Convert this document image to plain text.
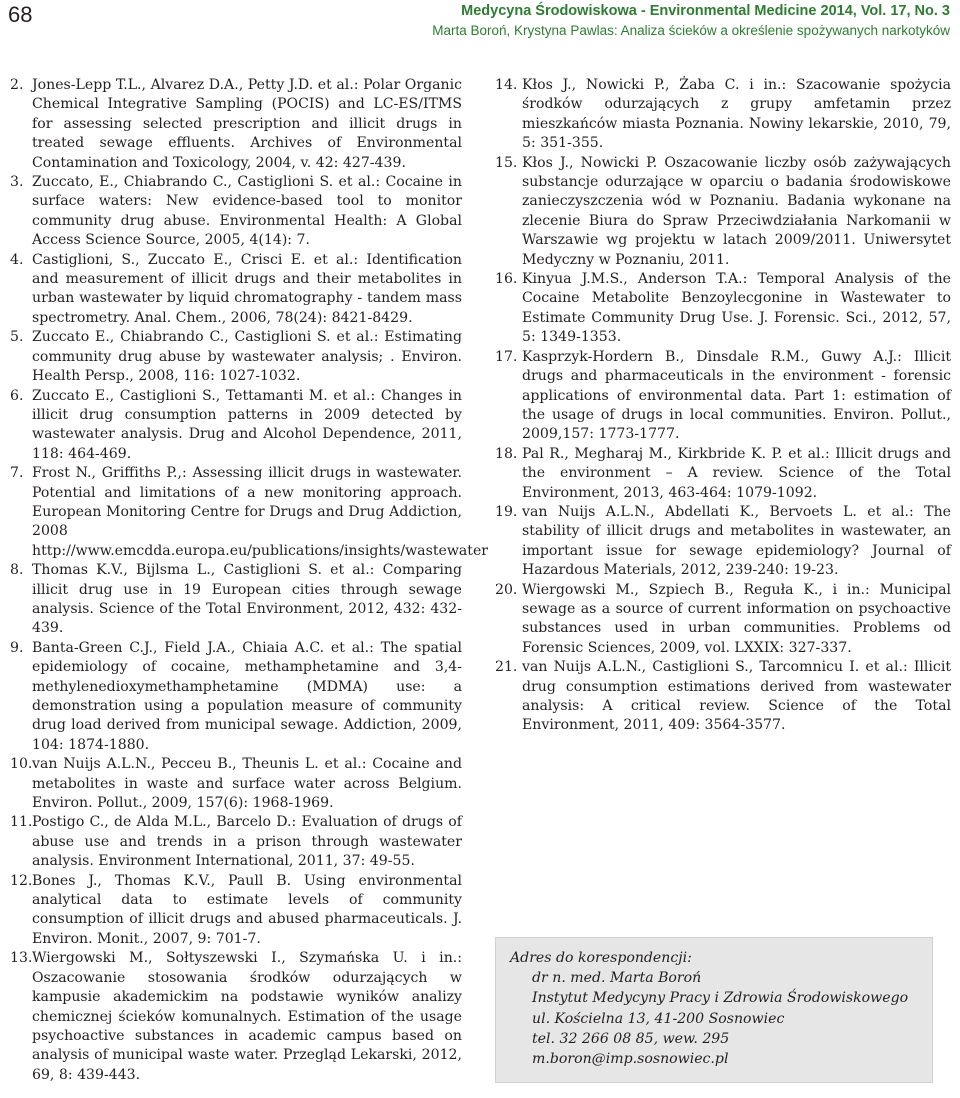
68	Medycyna Środowiskowa - Environmental Medicine 2014, Vol. 17, No. 3
Marta Boroń, Krystyna Pawlas: Analiza ścieków a określenie spożywanych narkotyków

2. Jones-Lepp T.L., Alvarez D.A., Petty J.D. et al.: Polar Organic Chemical Integrative Sampling (POCIS) and LC-ES/ITMS for assessing selected prescription and illicit drugs in treated sewage effluents. Archives of Environmental Contamination and Toxicology, 2004, v. 42: 427-439.

3. Zuccato, E., Chiabrando C., Castiglioni S. et al.: Cocaine in surface waters: New evidence-based tool to monitor community drug abuse. Environmental Health: A Global Access Science Source, 2005, 4(14): 7.

4. Castiglioni, S., Zuccato E., Crisci E. et al.: Identification and measurement of illicit drugs and their metabolites in urban wastewater by liquid chromatography - tandem mass spectrometry. Anal. Chem., 2006, 78(24): 8421-8429.

5. Zuccato E., Chiabrando C., Castiglioni S. et al.: Estimating community drug abuse by wastewater analysis; . Environ. Health Persp., 2008, 116: 1027-1032.

6. Zuccato E., Castiglioni S., Tettamanti M. et al.: Changes in illicit drug consumption patterns in 2009 detected by wastewater analysis. Drug and Alcohol Dependence, 2011, 118: 464-469.

7. Frost N., Griffiths P.,: Assessing illicit drugs in wastewater. Potential and limitations of a new monitoring approach. European Monitoring Centre for Drugs and Drug Addiction, 2008 http://www.emcdda.europa.eu/publications/insights/wastewater

8. Thomas K.V., Bijlsma L., Castiglioni S. et al.: Comparing illicit drug use in 19 European cities through sewage analysis. Science of the Total Environment, 2012, 432: 432-439.

9. Banta-Green C.J., Field J.A., Chiaia A.C. et al.: The spatial epidemiology of cocaine, methamphetamine and 3,4-methylenedioxymethamphetamine (MDMA) use: a demonstration using a population measure of community drug load derived from municipal sewage. Addiction, 2009, 104: 1874-1880.

10. van Nuijs A.L.N., Pecceu B., Theunis L. et al.: Cocaine and metabolites in waste and surface water across Belgium. Environ. Pollut., 2009, 157(6): 1968-1969.

11. Postigo C., de Alda M.L., Barcelo D.: Evaluation of drugs of abuse use and trends in a prison through wastewater analysis. Environment International, 2011, 37: 49-55.

12. Bones J., Thomas K.V., Paull B. Using environmental analytical data to estimate levels of community consumption of illicit drugs and abused pharmaceuticals. J. Environ. Monit., 2007, 9: 701-7.

13. Wiergowski M., Sołtyszewski I., Szymańska U. i in.: Oszacowanie stosowania środków odurzających w kampusie akademickim na podstawie wyników analizy chemicznej ścieków komunalnych. Estimation of the usage psychoactive substances in academic campus based on analysis of municipal waste water. Przegląd Lekarski, 2012, 69, 8: 439-443.

14. Kłos J., Nowicki P., Żaba C. i in.: Szacowanie spożycia środków odurzających z grupy amfetamin przez mieszkańców miasta Poznania. Nowiny lekarskie, 2010, 79, 5: 351-355.

15. Kłos J., Nowicki P. Oszacowanie liczby osób zażywających substancje odurzające w oparciu o badania środowiskowe zanieczyszczenia wód w Poznaniu. Badania wykonane na zlecenie Biura do Spraw Przeciwdziałania Narkomanii w Warszawie wg projektu w latach 2009/2011. Uniwersytet Medyczny w Poznaniu, 2011.

16. Kinyua J.M.S., Anderson T.A.: Temporal Analysis of the Cocaine Metabolite Benzoylecgonine in Wastewater to Estimate Community Drug Use. J. Forensic. Sci., 2012, 57, 5: 1349-1353.

17. Kasprzyk-Hordern B., Dinsdale R.M., Guwy A.J.: Illicit drugs and pharmaceuticals in the environment - forensic applications of environmental data. Part 1: estimation of the usage of drugs in local communities. Environ. Pollut., 2009,157: 1773-1777.

18. Pal R., Megharaj M., Kirkbride K. P. et al.: Illicit drugs and the environment – A review. Science of the Total Environment, 2013, 463-464: 1079-1092.

19. van Nuijs A.L.N., Abdellati K., Bervoets L. et al.: The stability of illicit drugs and metabolites in wastewater, an important issue for sewage epidemiology? Journal of Hazardous Materials, 2012, 239-240: 19-23.

20. Wiergowski M., Szpiech B., Reguła K., i in.: Municipal sewage as a source of current information on psychoactive substances used in urban communities. Problems od Forensic Sciences, 2009, vol. LXXIX: 327-337.

21. van Nuijs A.L.N., Castiglioni S., Tarcomnicu I. et al.: Illicit drug consumption estimations derived from wastewater analysis: A critical review. Science of the Total Environment, 2011, 409: 3564-3577.

Adres do korespondencji:

dr n. med. Marta Boroń
Instytut Medycyny Pracy i Zdrowia Środowiskowego
ul. Kościelna 13, 41-200 Sosnowiec
tel. 32 266 08 85, wew. 295
m.boron@imp.sosnowiec.pl
